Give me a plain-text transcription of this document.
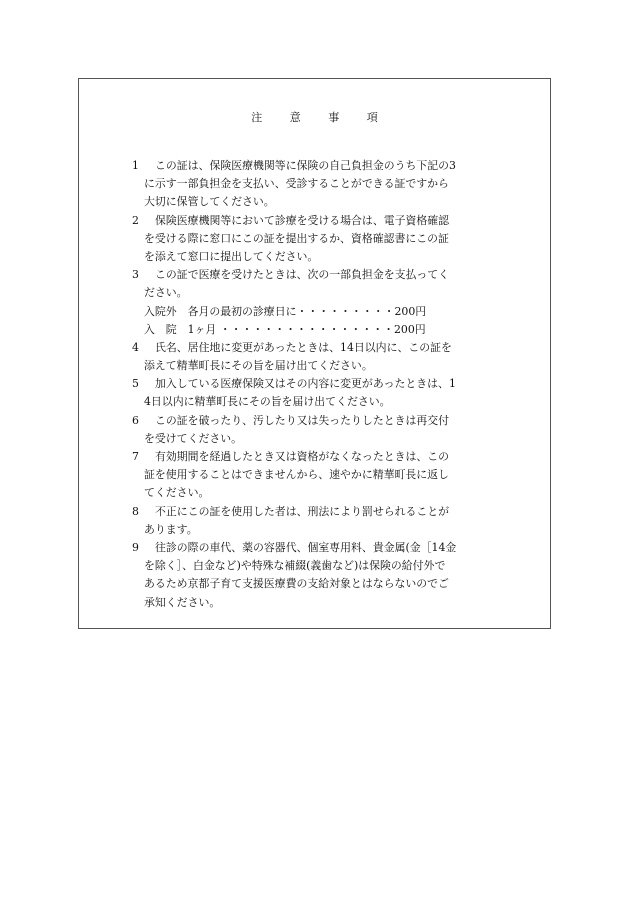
注 意 事 項
1 この証は、保険医療機関等に保険の自己負担金のうち下記の3
に示す一部負担金を支払い、受診することができる証ですから
大切に保管してください。
2 保険医療機関等において診療を受ける場合は、電子資格確認
を受ける際に窓口にこの証を提出するか、資格確認書にこの証
を添えて窓口に提出してください。
3 この証で医療を受けたときは、次の一部負担金を支払ってく
ださい。
入院外　各月の最初の診療日に・・・・・・・・・200円
入　院　1ヶ月 ・・・・・・・・・・・・・・・・200円
4 氏名、居住地に変更があったときは、14日以内に、この証を
添えて精華町長にその旨を届け出てください。
5 加入している医療保険又はその内容に変更があったときは、1
4日以内に精華町長にその旨を届け出てください。
6 この証を破ったり、汚したり又は失ったりしたときは再交付
を受けてください。
7 有効期間を経過したとき又は資格がなくなったときは、この
証を使用することはできませんから、速やかに精華町長に返し
てください。
8 不正にこの証を使用した者は、刑法により罰せられることが
あります。
9 往診の際の車代、薬の容器代、個室専用料、貴金属(金［14金
を除く］、白金など)や特殊な補綴(義歯など)は保険の給付外で
あるため京都子育て支援医療費の支給対象とはならないのでご
承知ください。
